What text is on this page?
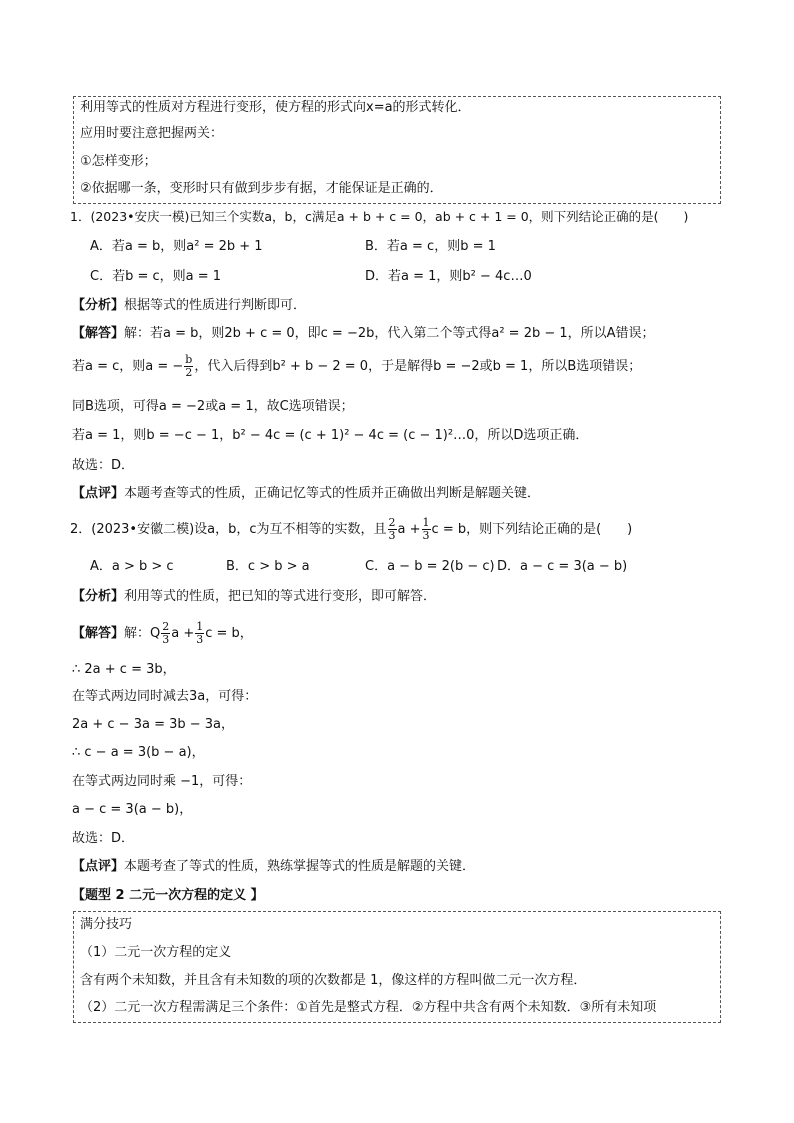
利用等式的性质对方程进行变形，使方程的形式向x=a的形式转化．
应用时要注意把握两关：
①怎样变形；
②依据哪一条，变形时只有做到步步有据，才能保证是正确的．
1．(2023•安庆一模)已知三个实数a，b，c满足a + b + c = 0，ab + c + 1 = 0，则下列结论正确的是(　　)
A．若a = b，则a² = 2b + 1	B．若a = c，则b = 1
C．若b = c，则a = 1	D．若a = 1，则b² − 4c…0
【分析】根据等式的性质进行判断即可．
【解答】解：若a = b，则2b + c = 0，即c = −2b，代入第二个等式得a² = 2b − 1，所以A错误；
若a = c，则a = − $\frac{b}{2}$ ，代入后得到b² + b − 2 = 0，于是解得b = −2或b = 1，所以B选项错误；
同B选项，可得a = −2或a = 1，故C选项错误；
若a = 1，则b = −c − 1，b² − 4c = (c + 1)² − 4c = (c − 1)²…0，所以D选项正确．
故选：D．
【点评】本题考查等式的性质，正确记忆等式的性质并正确做出判断是解题关键．
2．(2023•安徽二模)设a，b，c为互不相等的实数，且 $\frac{2}{3}$ $a + \frac{1}{3}$ c = b，则下列结论正确的是(　　)
A．a > b > c	B．c > b > a	C．a − b = 2(b − c) D．a − c = 3(a − b)
【分析】利用等式的性质，把已知的等式进行变形，即可解答．
【解答】解：Q $\frac{2}{3}$ $a + \frac{1}{3}$ c = b，
∴ 2a + c = 3b，
在等式两边同时减去3a，可得：
2a + c − 3a = 3b − 3a，
∴ c − a = 3(b − a)，
在等式两边同时乘 −1，可得：
a − c = 3(a − b)，
故选：D．
【点评】本题考查了等式的性质，熟练掌握等式的性质是解题的关键．
【题型 2 二元一次方程的定义 】
满分技巧
（1）二元一次方程的定义
含有两个未知数，并且含有未知数的项的次数都是 1，像这样的方程叫做二元一次方程．
（2）二元一次方程需满足三个条件：①首先是整式方程．②方程中共含有两个未知数．③所有未知项
